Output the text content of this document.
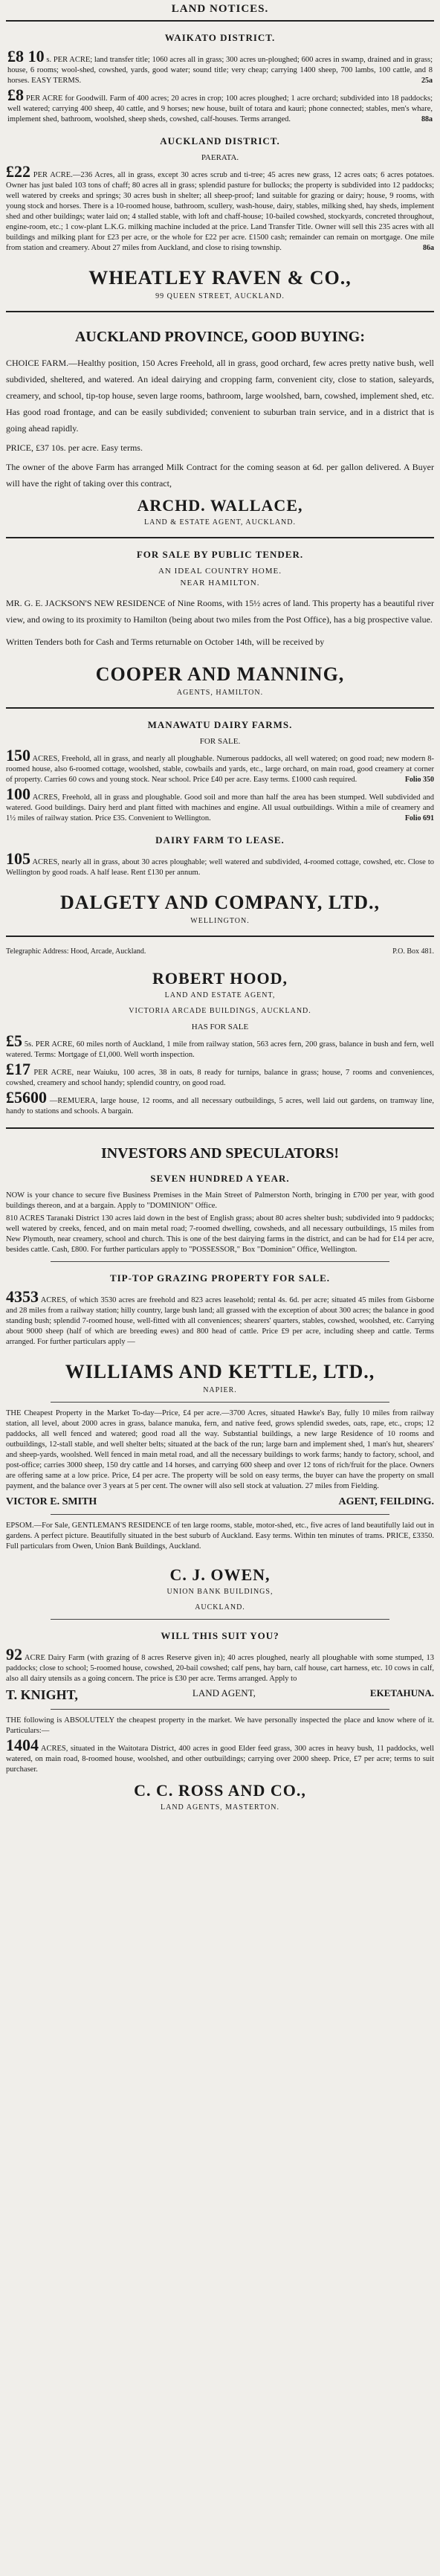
LAND NOTICES.
WAIKATO DISTRICT.
£8 10 s. PER ACRE; land transfer title; 1060 acres all in grass; 300 acres un-ploughed; 600 acres in swamp, drained and in grass; house, 6 rooms; wool-shed, cowshed, yards, good water; sound title; very cheap; carrying 1400 sheep, 700 lambs, 100 cattle, and 8 horses. EASY TERMS.	25a
£8 PER ACRE for Goodwill. Farm of 400 acres; 20 acres in crop; 100 acres ploughed; 1 acre orchard; subdivided into 18 paddocks; well watered; carrying 400 sheep, 40 cattle, and 9 horses; new house, built of totara and kauri; phone connected; stables, men's whare, implement shed, bathroom, woolshed, sheep sheds, cowshed, calf-houses. Terms arranged.	88a
AUCKLAND DISTRICT.
PAERATA.
£22 PER ACRE.—236 Acres, all in grass, except 30 acres scrub and ti-tree; 45 acres new grass, 12 acres oats; 6 acres potatoes. Owner has just baled 103 tons of chaff; 80 acres all in grass; splendid pasture for bullocks; the property is subdivided into 12 paddocks; well watered by creeks and springs; 30 acres bush in shelter; all sheep-proof; land suitable for grazing or dairy; house, 9 rooms, with young stock and horses. There is a 10-roomed house, bathroom, scullery, wash-house, dairy, stables, milking shed, hay sheds, implement shed and other buildings; water laid on; 4 stalled stable, with loft and chaff-house; 10-bailed cowshed, stockyards, concreted throughout, engine-room, etc.; 1 cow-plant L.K.G. milking machine included at the price. Land Transfer Title. Owner will sell this 235 acres with all buildings and milking plant for £23 per acre, or the whole for £22 per acre. £1500 cash; remainder can remain on mortgage. One mile from station and creamery. About 27 miles from Auckland, and close to rising township.	86a
WHEATLEY RAVEN & CO.,
99 QUEEN STREET, AUCKLAND.
AUCKLAND PROVINCE, GOOD BUYING:
CHOICE FARM.—Healthy position, 150 Acres Freehold, all in grass, good orchard, few acres pretty native bush, well subdivided, sheltered, and watered. An ideal dairying and cropping farm, convenient city, close to station, saleyards, creamery, and school, tip-top house, seven large rooms, bathroom, large woolshed, barn, cowshed, implement shed, etc. Has good road frontage, and can be easily subdivided; convenient to suburban train service, and in a district that is going ahead rapidly.
PRICE, £37 10s. per acre. Easy terms.
The owner of the above Farm has arranged Milk Contract for the coming season at 6d. per gallon delivered. A Buyer will have the right of taking over this contract,
ARCHD. WALLACE,
LAND & ESTATE AGENT, AUCKLAND.
FOR SALE BY PUBLIC TENDER.
AN IDEAL COUNTRY HOME.
NEAR HAMILTON.
MR. G. E. JACKSON'S NEW RESIDENCE of Nine Rooms, with 15½ acres of land. This property has a beautiful river view, and owing to its proximity to Hamilton (being about two miles from the Post Office), has a big prospective value.
Written Tenders both for Cash and Terms returnable on October 14th, will be received by
COOPER AND MANNING,
AGENTS, HAMILTON.
MANAWATU DAIRY FARMS.
FOR SALE.
150 ACRES, Freehold, all in grass, and nearly all ploughable. Numerous paddocks, all well watered; on good road; new modern 8-roomed house, also 6-roomed cottage, woolshed, stable, cowbails and yards, etc., large orchard, on main road, good creamery at corner of property. Carries 60 cows and young stock. Near school. Price £40 per acre. Easy terms. £1000 cash required.	Folio 350
100 ACRES, Freehold, all in grass and ploughable. Good soil and more than half the area has been stumped. Well subdivided and watered. Good buildings. Dairy herd and plant fitted with machines and engine. All usual outbuildings. Within a mile of creamery and 1½ miles of railway station. Price £35. Convenient to Wellington.	Folio 691
DAIRY FARM TO LEASE.
105 ACRES, nearly all in grass, about 30 acres ploughable; well watered and subdivided, 4-roomed cottage, cowshed, etc. Close to Wellington by good roads. A half lease. Rent £130 per annum.
DALGETY AND COMPANY, LTD.,
WELLINGTON.
Telegraphic Address: Hood, Arcade, Auckland.	P.O. Box 481.
ROBERT HOOD,
LAND AND ESTATE AGENT,
VICTORIA ARCADE BUILDINGS, AUCKLAND.
HAS FOR SALE
£5 5s. PER ACRE, 60 miles north of Auckland, 1 mile from railway station, 563 acres fern, 200 grass, balance in bush and fern, well watered. Terms: Mortgage of £1,000. Well worth inspection.
£17 PER ACRE, near Waiuku, 100 acres, 38 in oats, 8 ready for turnips, balance in grass; house, 7 rooms and conveniences, cowshed, creamery and school handy; splendid country, on good road.
£5600 —REMUERA, large house, 12 rooms, and all necessary outbuildings, 5 acres, well laid out gardens, on tramway line, handy to stations and schools. A bargain.
INVESTORS AND SPECULATORS!
SEVEN HUNDRED A YEAR.
NOW is your chance to secure five Business Premises in the Main Street of Palmerston North, bringing in £700 per year, with good buildings thereon, and at a bargain. Apply to "DOMINION" Office.
810 ACRES Taranaki District 130 acres laid down in the best of English grass; about 80 acres shelter bush; subdivided into 9 paddocks; well watered by creeks, fenced, and on main metal road; 7-roomed dwelling, cowsheds, and all necessary outbuildings, 15 miles from New Plymouth, near creamery, school and church. This is one of the best dairying farms in the district, and can be had for £14 per acre, besides cattle. Cash, £800. For further particulars apply to "POSSESSOR," Box "Dominion" Office, Wellington.
TIP-TOP GRAZING PROPERTY FOR SALE.
4353 ACRES, of which 3530 acres are freehold and 823 acres leasehold; rental 4s. 6d. per acre; situated 45 miles from Gisborne and 28 miles from a railway station; hilly country, large bush land; all grassed with the exception of about 300 acres; the balance in good standing bush; splendid 7-roomed house, well-fitted with all conveniences; shearers' quarters, stables, cowshed, woolshed, etc. Carrying about 9000 sheep (half of which are breeding ewes) and 800 head of cattle. Price £9 per acre, including sheep and cattle. Terms arranged. For further particulars apply —
WILLIAMS AND KETTLE, LTD.,
NAPIER.
THE Cheapest Property in the Market To-day—Price, £4 per acre.—3700 Acres, situated Hawke's Bay, fully 10 miles from railway station, all level, about 2000 acres in grass, balance manuka, fern, and native feed, grows splendid swedes, oats, rape, etc., crops; 12 paddocks, all well fenced and watered; good road all the way. Substantial buildings, a new large Residence of 10 rooms and outbuildings, 12-stall stable, and well shelter belts; situated at the back of the run; large barn and implement shed, 1 man's hut, shearers' and sheep-yards, woolshed. Well fenced in main metal road, and all the necessary buildings to work farms; handy to factory, school, and post-office; carries 3000 sheep, 150 dry cattle and 14 horses, and carrying 600 sheep and over 12 tons of rich/fruit for the place. Owners are offering same at a low price. Price, £4 per acre. The property will be sold on easy terms, the buyer can have the property on small payment, and the balance over 3 years at 5 per cent. The owner will also sell stock at valuation. 27 miles from Fielding.
VICTOR E. SMITH	AGENT, FEILDING.
EPSOM.—For Sale, GENTLEMAN'S RESIDENCE of ten large rooms, stable, motor-shed, etc., five acres of land beautifully laid out in gardens. A perfect picture. Beautifully situated in the best suburb of Auckland. Easy terms. Within ten minutes of trams. PRICE, £3350. Full particulars from Owen, Union Bank Buildings, Auckland.
C. J. OWEN,
UNION BANK BUILDINGS,
AUCKLAND.
WILL THIS SUIT YOU?
92 ACRE Dairy Farm (with grazing of 8 acres Reserve given in); 40 acres ploughed, nearly all ploughable with some stumped, 13 paddocks; close to school; 5-roomed house, cowshed, 20-bail cowshed; calf pens, hay barn, calf house, cart harness, etc. 10 cows in calf, also all dairy utensils as a going concern. The price is £30 per acre. Terms arranged. Apply to
T. KNIGHT,	LAND AGENT,	EKETAHUNA.
THE following is ABSOLUTELY the cheapest property in the market. We have personally inspected the place and know where of it. Particulars:—
1404 ACRES, situated in the Waitotara District, 400 acres in good Elder feed grass, 300 acres in heavy bush, 11 paddocks, well watered, on main road, 8-roomed house, woolshed, and other outbuildings; carrying over 2000 sheep. Price, £7 per acre; terms to suit purchaser.
C. C. ROSS AND CO.,
LAND AGENTS, MASTERTON.
